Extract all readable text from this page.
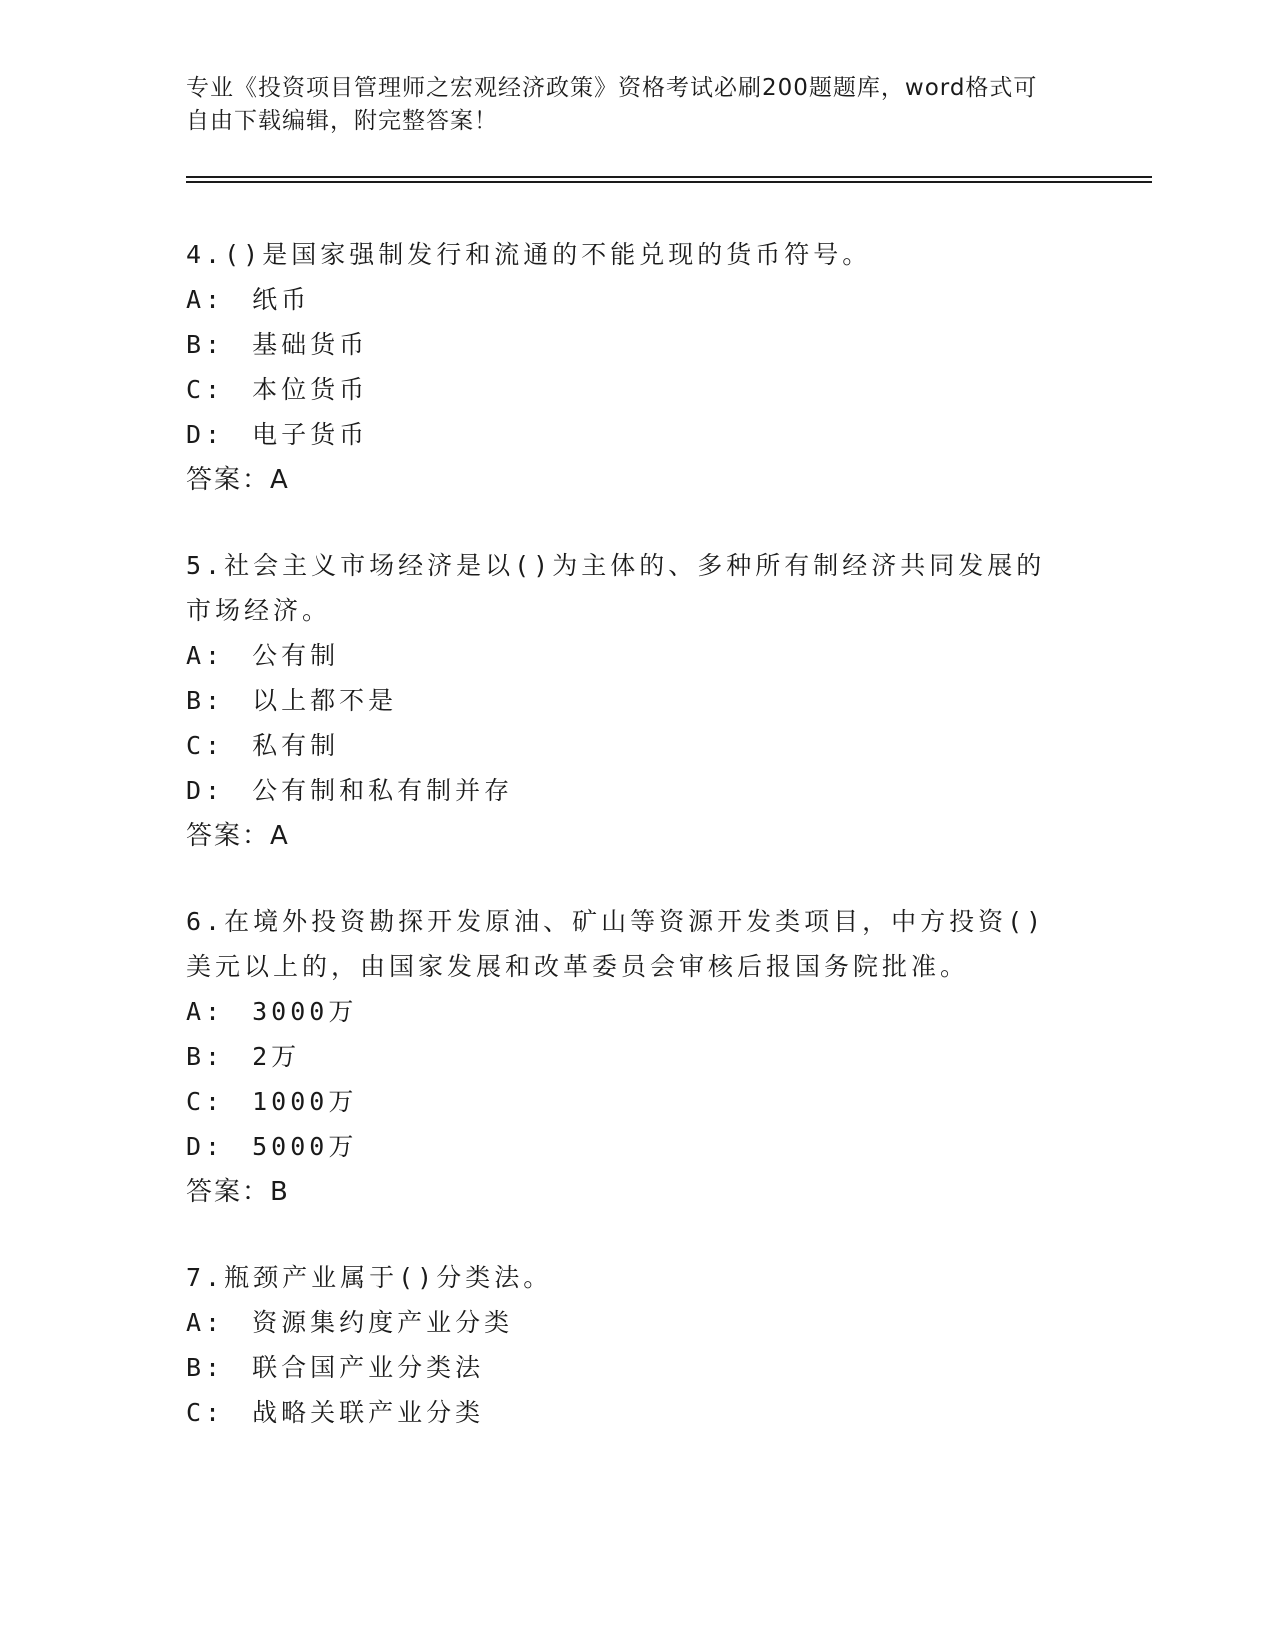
专业《投资项目管理师之宏观经济政策》资格考试必刷200题题库，word格式可
自由下载编辑，附完整答案！
4.()是国家强制发行和流通的不能兑现的货币符号。
A: 纸币
B: 基础货币
C: 本位货币
D: 电子货币
答案：A
5.社会主义市场经济是以()为主体的、多种所有制经济共同发展的市场经济。
A: 公有制
B: 以上都不是
C: 私有制
D: 公有制和私有制并存
答案：A
6.在境外投资勘探开发原油、矿山等资源开发类项目，中方投资()美元以上的，由国家发展和改革委员会审核后报国务院批准。
A: 3000万
B: 2万
C: 1000万
D: 5000万
答案：B
7.瓶颈产业属于()分类法。
A: 资源集约度产业分类
B: 联合国产业分类法
C: 战略关联产业分类
